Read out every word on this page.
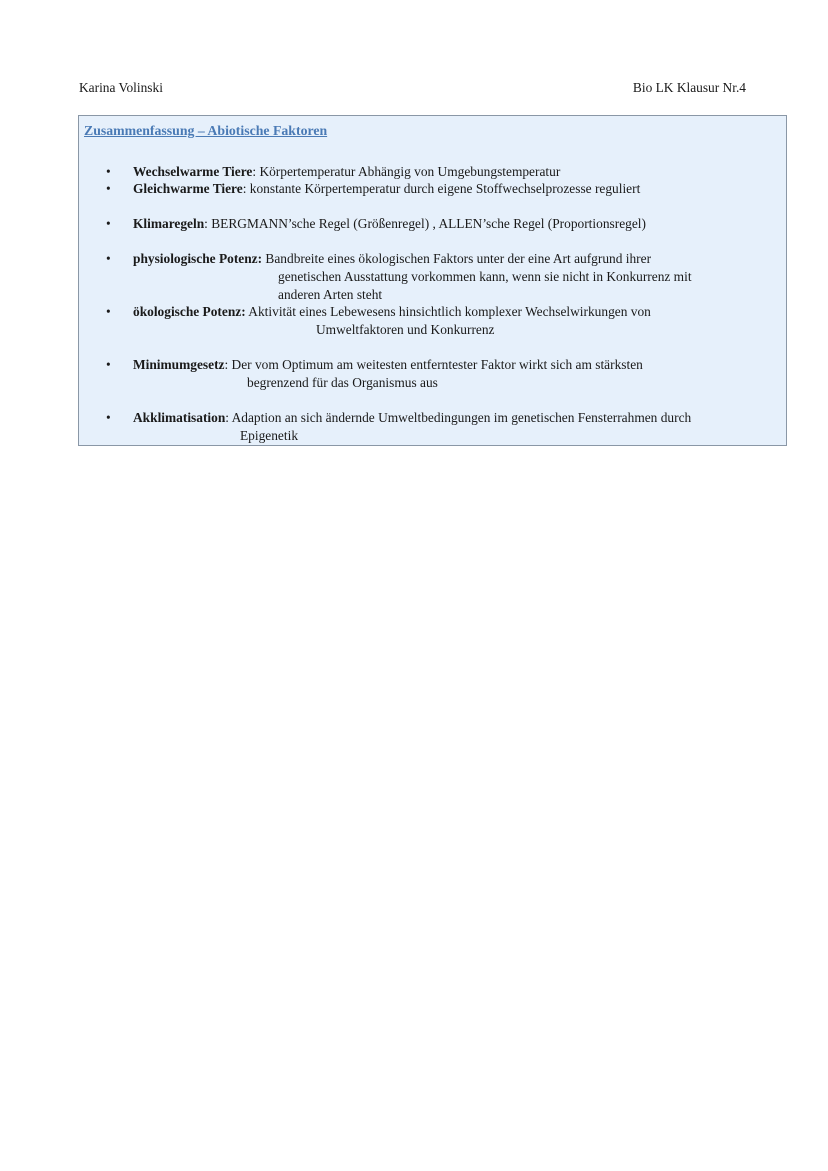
Karina Volinski	Bio LK Klausur Nr.4
Zusammenfassung – Abiotische Faktoren
• Wechselwarme Tiere: Körpertemperatur Abhängig von Umgebungstemperatur
• Gleichwarme Tiere: konstante Körpertemperatur durch eigene Stoffwechselprozesse reguliert
• Klimaregeln: BERGMANN’sche Regel (Größenregel) , ALLEN’sche Regel (Proportionsregel)
• physiologische Potenz: Bandbreite eines ökologischen Faktors unter der eine Art aufgrund ihrer
genetischen Ausstattung vorkommen kann, wenn sie nicht in Konkurrenz mit
anderen Arten steht
• ökologische Potenz: Aktivität eines Lebewesens hinsichtlich komplexer Wechselwirkungen von
Umweltfaktoren und Konkurrenz
• Minimumgesetz: Der vom Optimum am weitesten entferntester Faktor wirkt sich am stärksten
begrenzend für das Organismus aus
• Akklimatisation: Adaption an sich ändernde Umweltbedingungen im genetischen Fensterrahmen durch
Epigenetik
